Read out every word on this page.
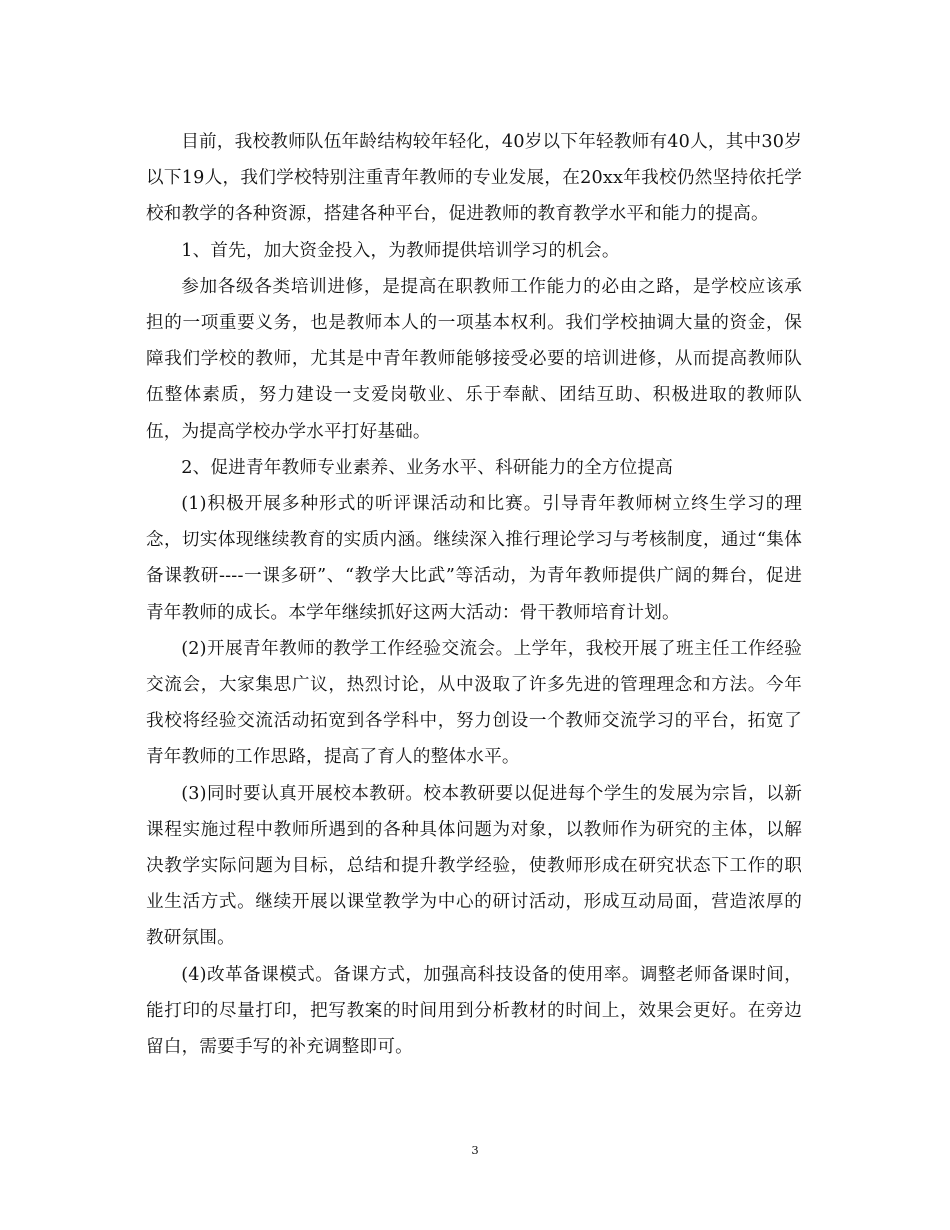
目前，我校教师队伍年龄结构较年轻化，40岁以下年轻教师有40人，其中30岁以下19人，我们学校特别注重青年教师的专业发展，在20xx年我校仍然坚持依托学校和教学的各种资源，搭建各种平台，促进教师的教育教学水平和能力的提高。

1、首先，加大资金投入，为教师提供培训学习的机会。

参加各级各类培训进修，是提高在职教师工作能力的必由之路，是学校应该承担的一项重要义务，也是教师本人的一项基本权利。我们学校抽调大量的资金，保障我们学校的教师，尤其是中青年教师能够接受必要的培训进修，从而提高教师队伍整体素质，努力建设一支爱岗敬业、乐于奉献、团结互助、积极进取的教师队伍，为提高学校办学水平打好基础。

2、促进青年教师专业素养、业务水平、科研能力的全方位提高

(1)积极开展多种形式的听评课活动和比赛。引导青年教师树立终生学习的理念，切实体现继续教育的实质内涵。继续深入推行理论学习与考核制度，通过“集体备课教研----一课多研”、“教学大比武”等活动，为青年教师提供广阔的舞台，促进青年教师的成长。本学年继续抓好这两大活动：骨干教师培育计划。

(2)开展青年教师的教学工作经验交流会。上学年，我校开展了班主任工作经验交流会，大家集思广议，热烈讨论，从中汲取了许多先进的管理理念和方法。今年我校将经验交流活动拓宽到各学科中，努力创设一个教师交流学习的平台，拓宽了青年教师的工作思路，提高了育人的整体水平。

(3)同时要认真开展校本教研。校本教研要以促进每个学生的发展为宗旨，以新课程实施过程中教师所遇到的各种具体问题为对象，以教师作为研究的主体，以解决教学实际问题为目标，总结和提升教学经验，使教师形成在研究状态下工作的职业生活方式。继续开展以课堂教学为中心的研讨活动，形成互动局面，营造浓厚的教研氛围。

(4)改革备课模式。备课方式，加强高科技设备的使用率。调整老师备课时间，能打印的尽量打印，把写教案的时间用到分析教材的时间上，效果会更好。在旁边留白，需要手写的补充调整即可。

3
